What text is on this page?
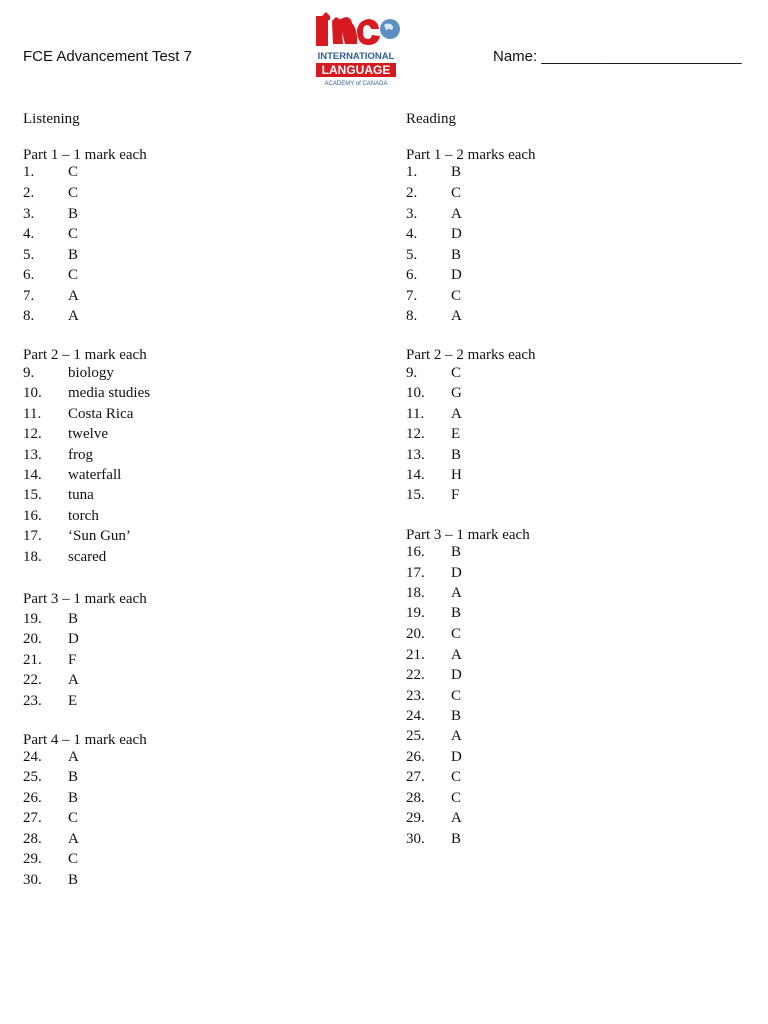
FCE Advancement Test 7	INTERNATIONAL
LANGUAGE
ACADEMY of CANADA
Name: ________________________
Listening	Reading
Part 1 – 1 mark each
1.	C
2.	C
3.	B
4.	C
5.	B
6.	C
7.	A
8.	A
Part 2 – 1 mark each
9.	biology
10.	media studies
11.	Costa Rica
12.	twelve
13.	frog
14.	waterfall
15.	tuna
16.	torch
17.	‘Sun Gun’
18.	scared
Part 3 – 1 mark each
19.	B
20.	D
21.	F
22.	A
23.	E
Part 4 – 1 mark each
24.	A
25.	B
26.	B
27.	C
28.	A
29.	C
30.	B
Part 1 – 2 marks each
1.	B
2.	C
3.	A
4.	D
5.	B
6.	D
7.	C
8.	A
Part 2 – 2 marks each
9.	C
10.	G
11.	A
12.	E
13.	B
14.	H
15.	F
Part 3 – 1 mark each
16.	B
17.	D
18.	A
19.	B
20.	C
21.	A
22.	D
23.	C
24.	B
25.	A
26.	D
27.	C
28.	C
29.	A
30.	B
